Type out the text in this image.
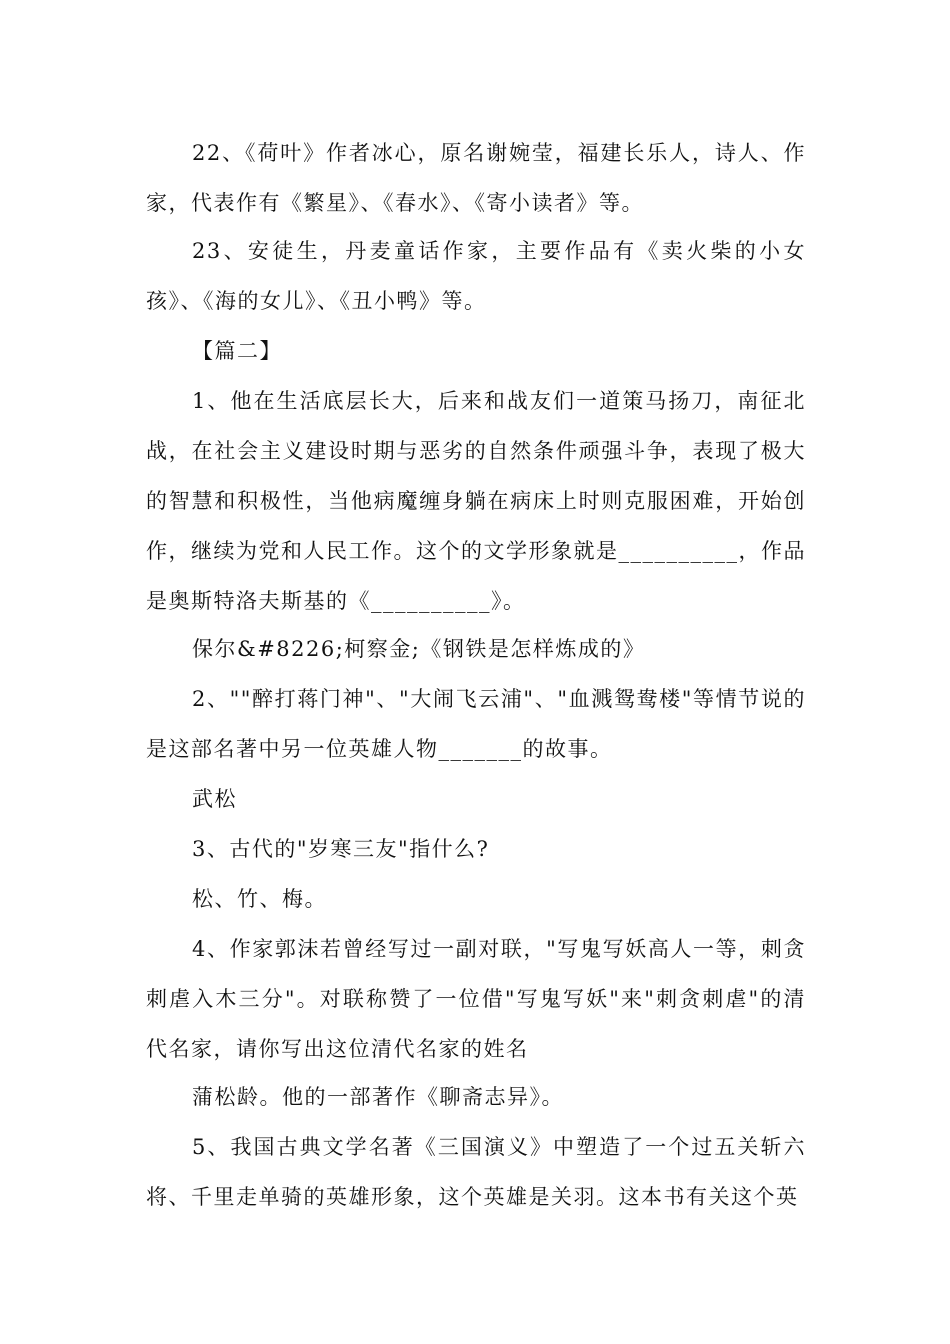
22、《荷叶》作者冰心，原名谢婉莹，福建长乐人，诗人、作家，代表作有《繁星》、《春水》、《寄小读者》等。

23、安徒生，丹麦童话作家，主要作品有《卖火柴的小女孩》、《海的女儿》、《丑小鸭》等。

【篇二】

1、他在生活底层长大，后来和战友们一道策马扬刀，南征北战，在社会主义建设时期与恶劣的自然条件顽强斗争，表现了极大的智慧和积极性，当他病魔缠身躺在病床上时则克服困难，开始创作，继续为党和人民工作。这个的文学形象就是__________，作品是奥斯特洛夫斯基的《__________》。

保尔&#8226;柯察金;《钢铁是怎样炼成的》

2、""醉打蒋门神"、"大闹飞云浦"、"血溅鸳鸯楼"等情节说的是这部名著中另一位英雄人物_______的故事。

武松

3、古代的"岁寒三友"指什么?

松、竹、梅。

4、作家郭沫若曾经写过一副对联，"写鬼写妖高人一等，刺贪刺虐入木三分"。对联称赞了一位借"写鬼写妖"来"刺贪刺虐"的清代名家，请你写出这位清代名家的姓名

蒲松龄。他的一部著作《聊斋志异》。

5、我国古典文学名著《三国演义》中塑造了一个过五关斩六将、千里走单骑的英雄形象，这个英雄是关羽。这本书有关这个英
